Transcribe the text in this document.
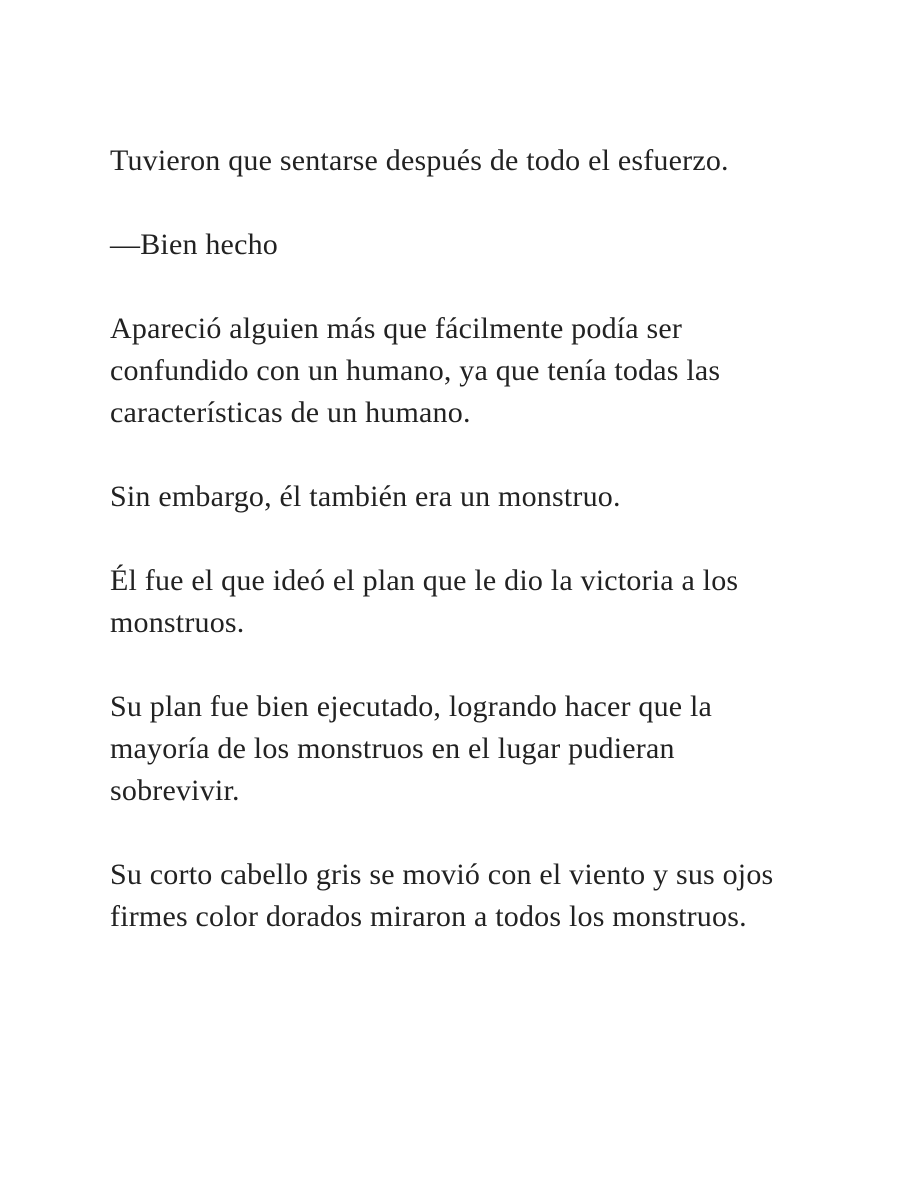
Tuvieron que sentarse después de todo el esfuerzo.

—Bien hecho

Apareció alguien más que fácilmente podía ser confundido con un humano, ya que tenía todas las características de un humano.

Sin embargo, él también era un monstruo.

Él fue el que ideó el plan que le dio la victoria a los monstruos.

Su plan fue bien ejecutado, logrando hacer que la mayoría de los monstruos en el lugar pudieran sobrevivir.

Su corto cabello gris se movió con el viento y sus ojos firmes color dorados miraron a todos los monstruos.
